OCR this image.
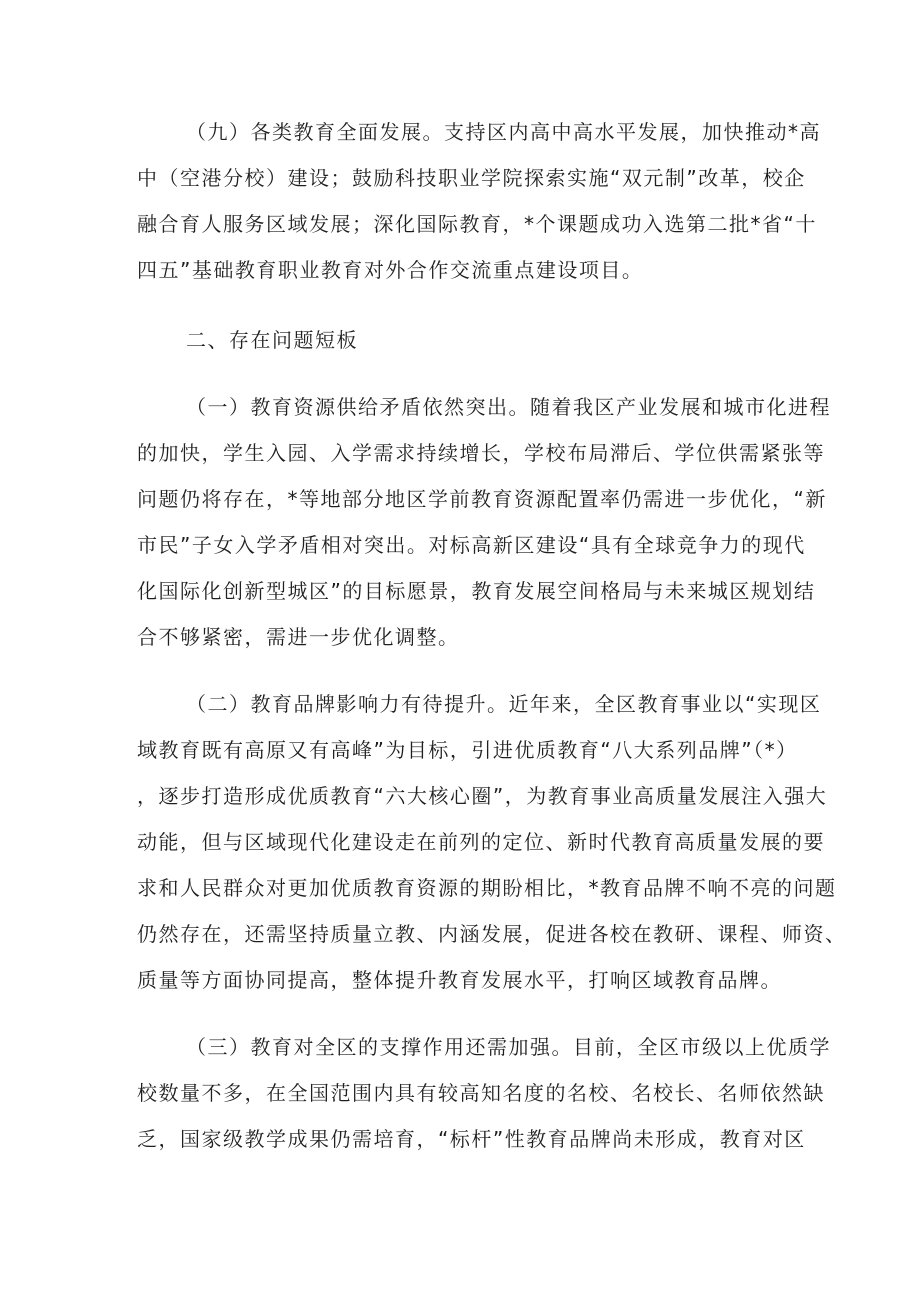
（九）各类教育全面发展。支持区内高中高水平发展，加快推动*高
中（空港分校）建设；鼓励科技职业学院探索实施“双元制”改革，校企
融合育人服务区域发展；深化国际教育，*个课题成功入选第二批*省“十
四五”基础教育职业教育对外合作交流重点建设项目。
二、存在问题短板
（一）教育资源供给矛盾依然突出。随着我区产业发展和城市化进程
的加快，学生入园、入学需求持续增长，学校布局滞后、学位供需紧张等
问题仍将存在，*等地部分地区学前教育资源配置率仍需进一步优化，“新
市民”子女入学矛盾相对突出。对标高新区建设“具有全球竞争力的现代
化国际化创新型城区”的目标愿景，教育发展空间格局与未来城区规划结
合不够紧密，需进一步优化调整。
（二）教育品牌影响力有待提升。近年来，全区教育事业以“实现区
域教育既有高原又有高峰”为目标，引进优质教育“八大系列品牌”（*）
，逐步打造形成优质教育“六大核心圈”，为教育事业高质量发展注入强大
动能，但与区域现代化建设走在前列的定位、新时代教育高质量发展的要
求和人民群众对更加优质教育资源的期盼相比，*教育品牌不响不亮的问题
仍然存在，还需坚持质量立教、内涵发展，促进各校在教研、课程、师资、
质量等方面协同提高，整体提升教育发展水平，打响区域教育品牌。
（三）教育对全区的支撑作用还需加强。目前，全区市级以上优质学
校数量不多，在全国范围内具有较高知名度的名校、名校长、名师依然缺
乏，国家级教学成果仍需培育，“标杆”性教育品牌尚未形成，教育对区
